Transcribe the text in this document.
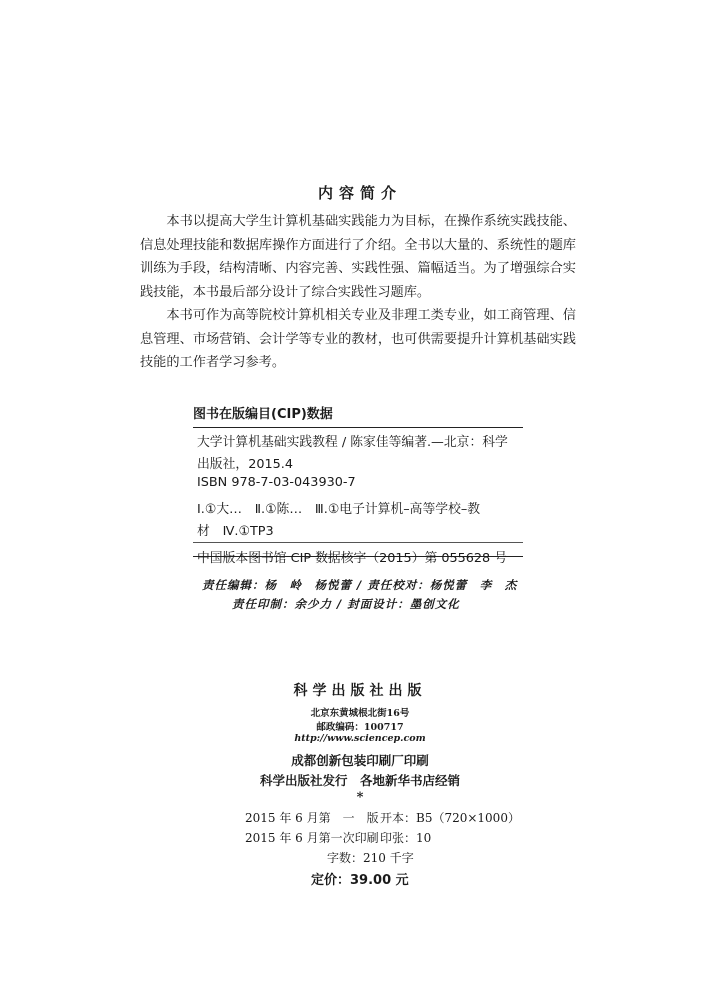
内容简介

本书以提高大学生计算机基础实践能力为目标，在操作系统实践技能、信息处理技能和数据库操作方面进行了介绍。全书以大量的、系统性的题库训练为手段，结构清晰、内容完善、实践性强、篇幅适当。为了增强综合实践技能，本书最后部分设计了综合实践性习题库。

本书可作为高等院校计算机相关专业及非理工类专业，如工商管理、信息管理、市场营销、会计学等专业的教材，也可供需要提升计算机基础实践技能的工作者学习参考。

图书在版编目(CIP)数据
大学计算机基础实践教程 / 陈家佳等编著.—北京：科学
出版社，2015.4
ISBN 978-7-03-043930-7
Ⅰ.①大…　Ⅱ.①陈…　Ⅲ.①电子计算机–高等学校–教
材　Ⅳ.①TP3
中国版本图书馆 CIP 数据核字（2015）第 055628 号
责任编辑：杨　岭　杨悦蕾 / 责任校对：杨悦蕾　李　杰
责任印制：余少力 / 封面设计：墨创文化
科学出版社出版
北京东黄城根北街16号
邮政编码：100717
http://www.sciencep.com
成都创新包装印刷厂印刷
科学出版社发行　各地新华书店经销
*
2015 年 6 月第　一　版 开本：B5（720×1000）
2015 年 6 月第一次印刷 印张：10
字数：210 千字
定价：39.00 元
